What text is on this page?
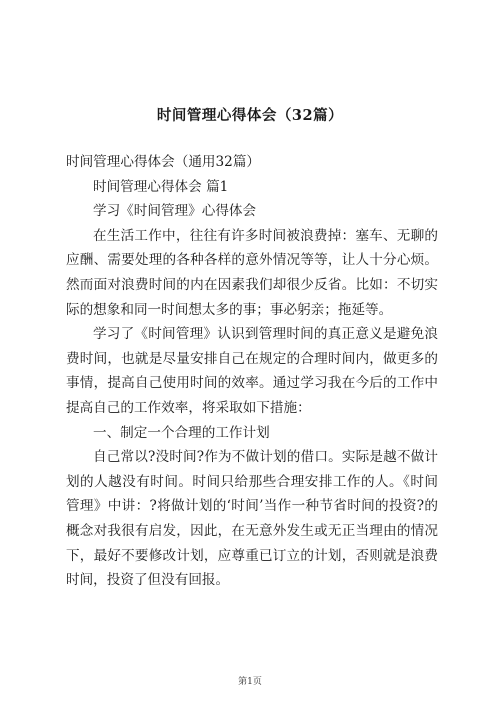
时间管理心得体会（32篇）

时间管理心得体会（通用32篇）

时间管理心得体会 篇1

学习《时间管理》心得体会

在生活工作中，往往有许多时间被浪费掉：塞车、无聊的应酬、需要处理的各种各样的意外情况等等，让人十分心烦。然而面对浪费时间的内在因素我们却很少反省。比如：不切实际的想象和同一时间想太多的事；事必躬亲；拖延等。

学习了《时间管理》认识到管理时间的真正意义是避免浪费时间，也就是尽量安排自己在规定的合理时间内，做更多的事情，提高自己使用时间的效率。通过学习我在今后的工作中提高自己的工作效率，将采取如下措施：

一、制定一个合理的工作计划

自己常以?没时间?作为不做计划的借口。实际是越不做计划的人越没有时间。时间只给那些合理安排工作的人。《时间管理》中讲：?将做计划的‘时间’当作一种节省时间的投资?的概念对我很有启发，因此，在无意外发生或无正当理由的情况下，最好不要修改计划，应尊重已订立的计划，否则就是浪费时间，投资了但没有回报。

第1页
